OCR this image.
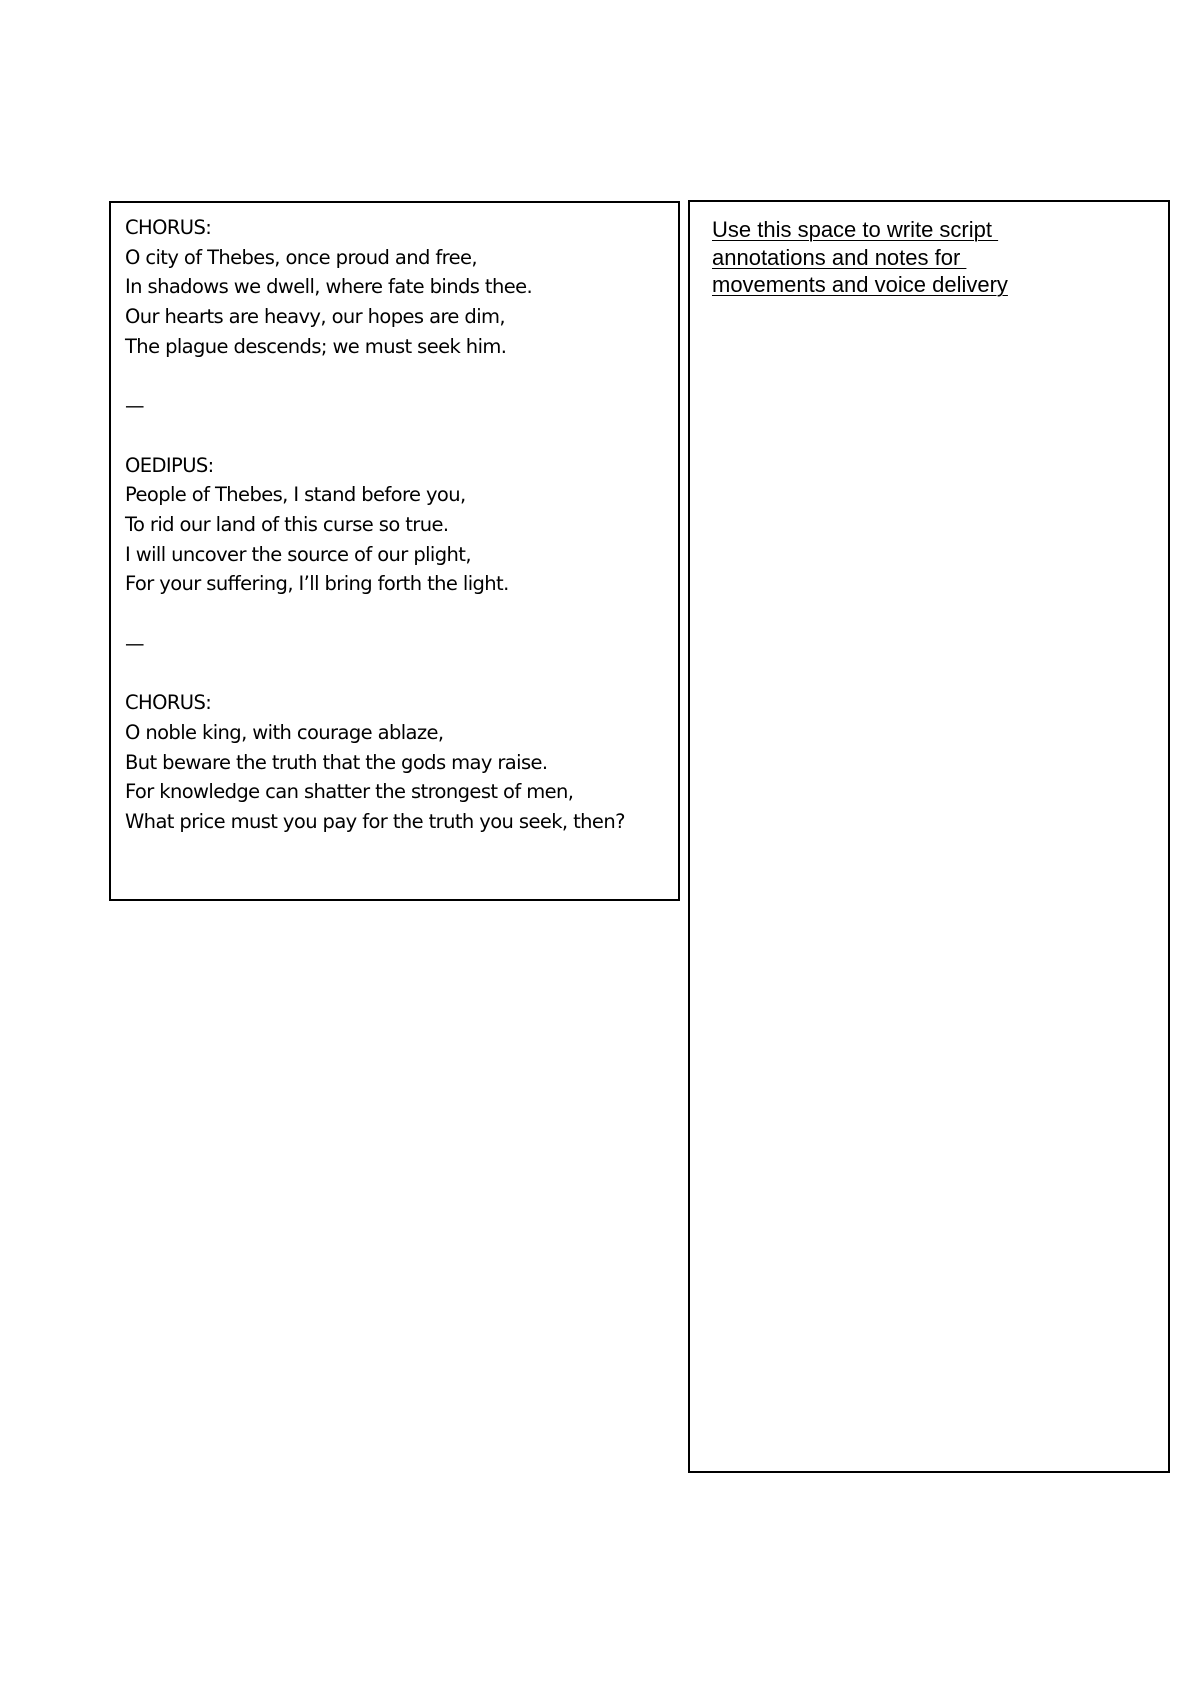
CHORUS:
O city of Thebes, once proud and free,
In shadows we dwell, where fate binds thee.
Our hearts are heavy, our hopes are dim,
The plague descends; we must seek him.
—
OEDIPUS:
People of Thebes, I stand before you,
To rid our land of this curse so true.
I will uncover the source of our plight,
For your suffering, I’ll bring forth the light.
—
CHORUS:
O noble king, with courage ablaze,
But beware the truth that the gods may raise.
For knowledge can shatter the strongest of men,
What price must you pay for the truth you seek, then?
Use this space to write script
annotations and notes for
movements and voice delivery
